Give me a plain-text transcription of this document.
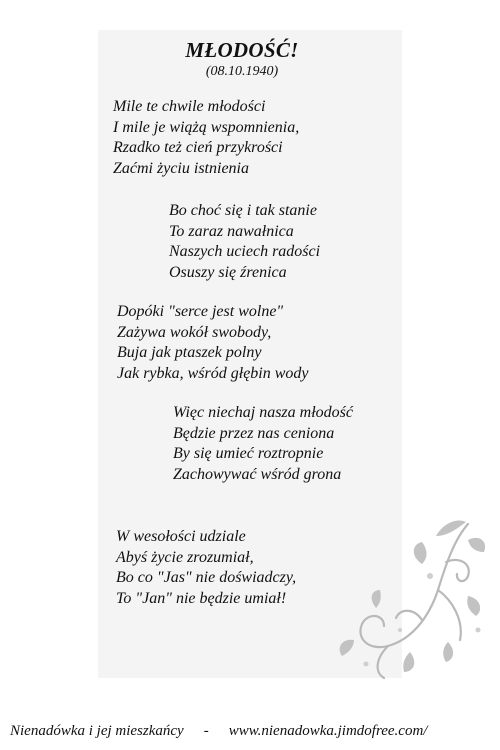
MŁODOŚĆ!
(08.10.1940)
Mile te chwile młodości
I mile je wiążą wspomnienia,
Rzadko też cień przykrości
Zaćmi życiu istnienia
Bo choć się i tak stanie
To zaraz nawałnica
Naszych uciech radości
Osuszy się źrenica
Dopóki "serce jest wolne"
Zażywa wokół swobody,
Buja jak ptaszek polny
Jak rybka, wśród głębin wody
Więc niechaj nasza młodość
Będzie przez nas ceniona
By się umieć roztropnie
Zachowywać wśród grona
W wesołości udziale
Abyś życie zrozumiał,
Bo co "Jas" nie doświadczy,
To "Jan" nie będzie umiał!
Nienadówka i jej mieszkańcy - www.nienadowka.jimdofree.com/
